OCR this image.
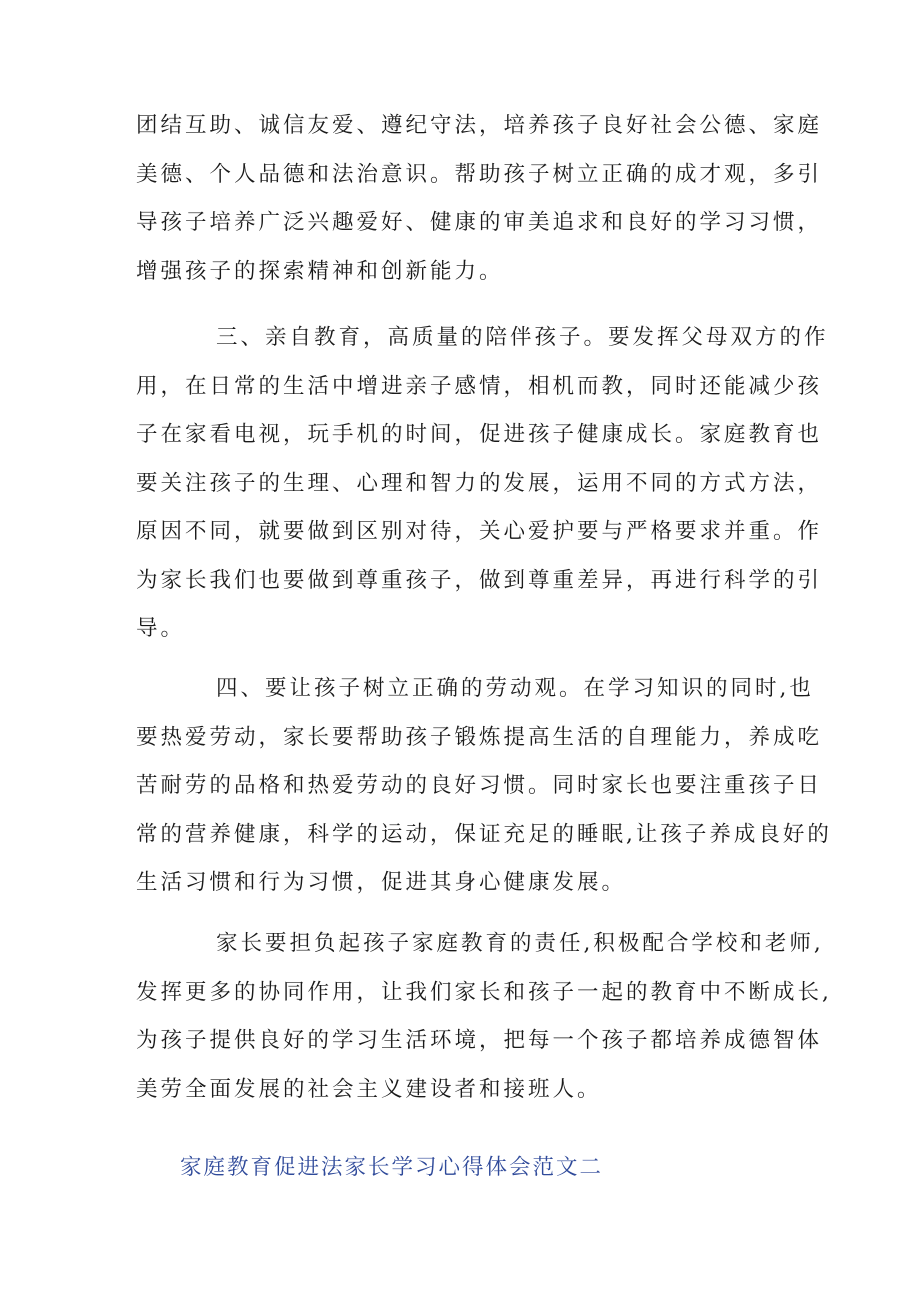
团结互助、诚信友爱、遵纪守法，培养孩子良好社会公德、家庭
美德、个人品德和法治意识。帮助孩子树立正确的成才观，多引
导孩子培养广泛兴趣爱好、健康的审美追求和良好的学习习惯，
增强孩子的探索精神和创新能力。
三、亲自教育，高质量的陪伴孩子。要发挥父母双方的作
用，在日常的生活中增进亲子感情，相机而教，同时还能减少孩
子在家看电视，玩手机的时间，促进孩子健康成长。家庭教育也
要关注孩子的生理、心理和智力的发展，运用不同的方式方法，
原因不同，就要做到区别对待，关心爱护要与严格要求并重。作
为家长我们也要做到尊重孩子，做到尊重差异，再进行科学的引
导。
四、要让孩子树立正确的劳动观。在学习知识的同时,也
要热爱劳动，家长要帮助孩子锻炼提高生活的自理能力，养成吃
苦耐劳的品格和热爱劳动的良好习惯。同时家长也要注重孩子日
常的营养健康，科学的运动，保证充足的睡眠,让孩子养成良好的
生活习惯和行为习惯，促进其身心健康发展。
家长要担负起孩子家庭教育的责任,积极配合学校和老师,
发挥更多的协同作用，让我们家长和孩子一起的教育中不断成长,
为孩子提供良好的学习生活环境，把每一个孩子都培养成德智体
美劳全面发展的社会主义建设者和接班人。

家庭教育促进法家长学习心得体会范文二
